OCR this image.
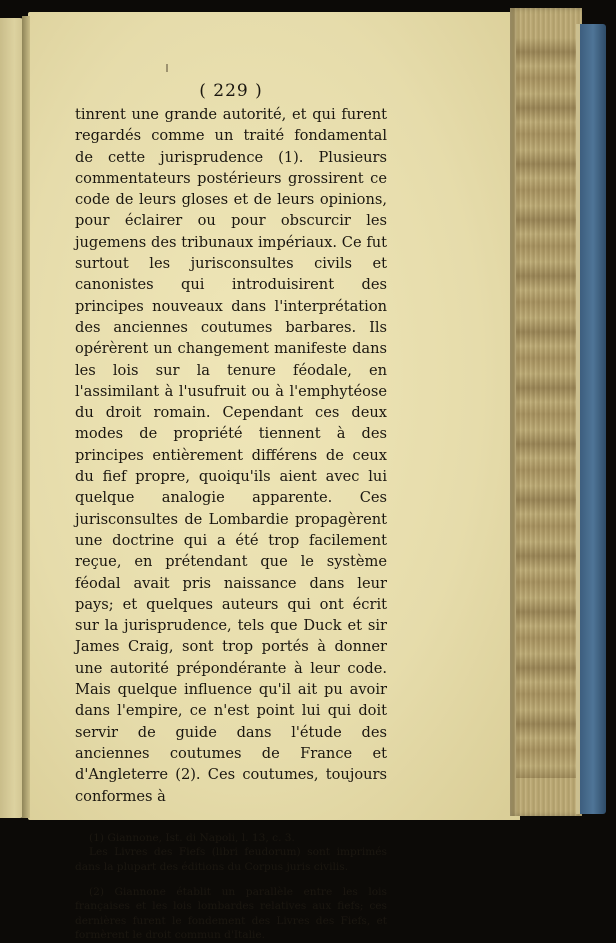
( 229 )

tinrent une grande autorité, et qui furent regardés comme un traité fondamental de cette jurisprudence (1). Plusieurs commentateurs postérieurs grossirent ce code de leurs gloses et de leurs opinions, pour éclairer ou pour obscurcir les jugemens des tribunaux impériaux. Ce fut surtout les jurisconsultes civils et canonistes qui introduisirent des principes nouveaux dans l'interprétation des anciennes coutumes barbares. Ils opérèrent un changement manifeste dans les lois sur la tenure féodale, en l'assimilant à l'usufruit ou à l'emphytéose du droit romain. Cependant ces deux modes de propriété tiennent à des principes entièrement différens de ceux du fief propre, quoiqu'ils aient avec lui quelque analogie apparente. Ces jurisconsultes de Lombardie propagèrent une doctrine qui a été trop facilement reçue, en prétendant que le système féodal avait pris naissance dans leur pays; et quelques auteurs qui ont écrit sur la jurisprudence, tels que Duck et sir James Craig, sont trop portés à donner une autorité prépondérante à leur code. Mais quelque influence qu'il ait pu avoir dans l'empire, ce n'est point lui qui doit servir de guide dans l'étude des anciennes coutumes de France et d'Angleterre (2). Ces coutumes, toujours conformes à

(1) Giannone, Ist. di Napoli, l. 13, c. 3.

Les Livres des Fiefs (libri feudorum) sont imprimés dans la plupart des éditions du Corpus juris civilis.

(2) Giannone établit un parallèle entre les lois françaises et les lois lombardes relatives aux fiefs; ces dernières furent le fondement des Livres des Fiefs, et formèrent le droit commun d'Italie.
